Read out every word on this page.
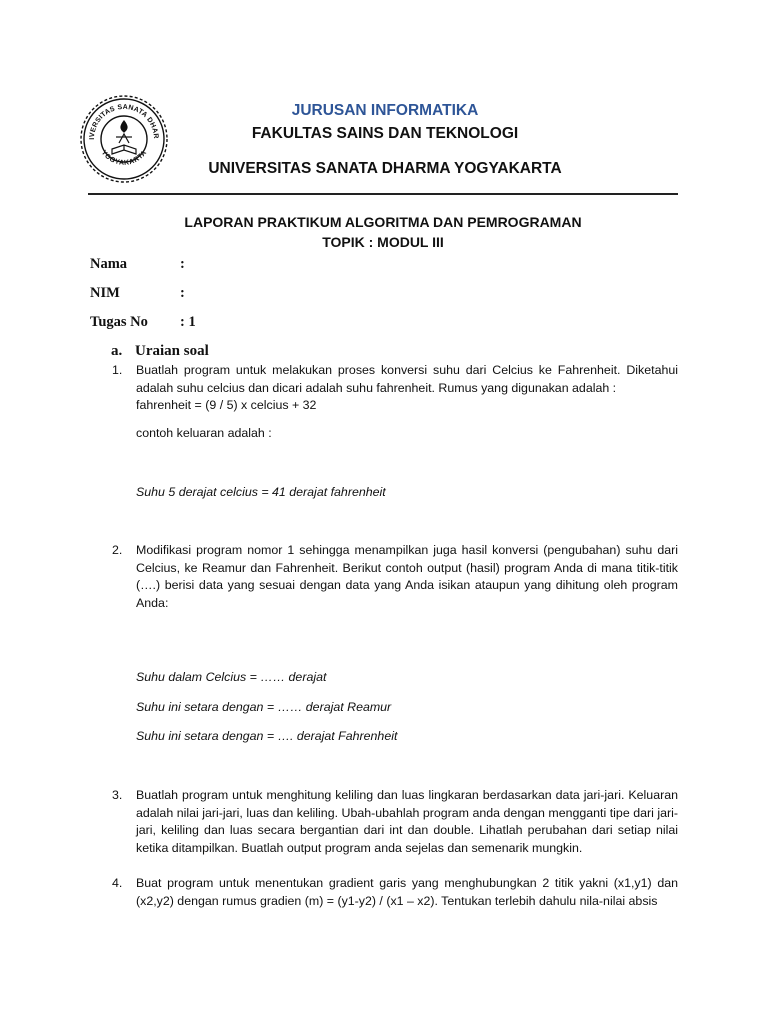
IVERSITAS SANATA DHAR
YOGYAKARTA
JURUSAN INFORMATIKA
FAKULTAS SAINS DAN TEKNOLOGI
UNIVERSITAS SANATA DHARMA YOGYAKARTA
LAPORAN PRAKTIKUM ALGORITMA DAN PEMROGRAMAN
TOPIK : MODUL III
Nama	:
NIM	:
Tugas No : 1
a. Uraian soal
1.	Buatlah program untuk melakukan proses konversi suhu dari Celcius ke Fahrenheit. Diketahui adalah suhu celcius dan dicari adalah suhu fahrenheit. Rumus yang digunakan adalah :

fahrenheit = (9 / 5) x celcius + 32
contoh keluaran adalah :
Suhu 5 derajat celcius = 41 derajat fahrenheit
2.	Modifikasi program nomor 1 sehingga menampilkan juga hasil konversi (pengubahan) suhu dari Celcius, ke Reamur dan Fahrenheit. Berikut contoh output (hasil) program Anda di mana titik-titik (….) berisi data yang sesuai dengan data yang Anda isikan ataupun yang dihitung oleh program Anda:

Suhu dalam Celcius = …… derajat
Suhu ini setara dengan = …… derajat Reamur
Suhu ini setara dengan = …. derajat Fahrenheit
3.	Buatlah program untuk menghitung keliling dan luas lingkaran berdasarkan data jari-jari. Keluaran adalah nilai jari-jari, luas dan keliling. Ubah-ubahlah program anda dengan mengganti tipe dari jari-jari, keliling dan luas secara bergantian dari int dan double. Lihatlah perubahan dari setiap nilai ketika ditampilkan. Buatlah output program anda sejelas dan semenarik mungkin.

4.	Buat program untuk menentukan gradient garis yang menghubungkan 2 titik yakni (x1,y1) dan (x2,y2) dengan rumus gradien (m) = (y1-y2) / (x1 – x2). Tentukan terlebih dahulu nila-nilai absis
